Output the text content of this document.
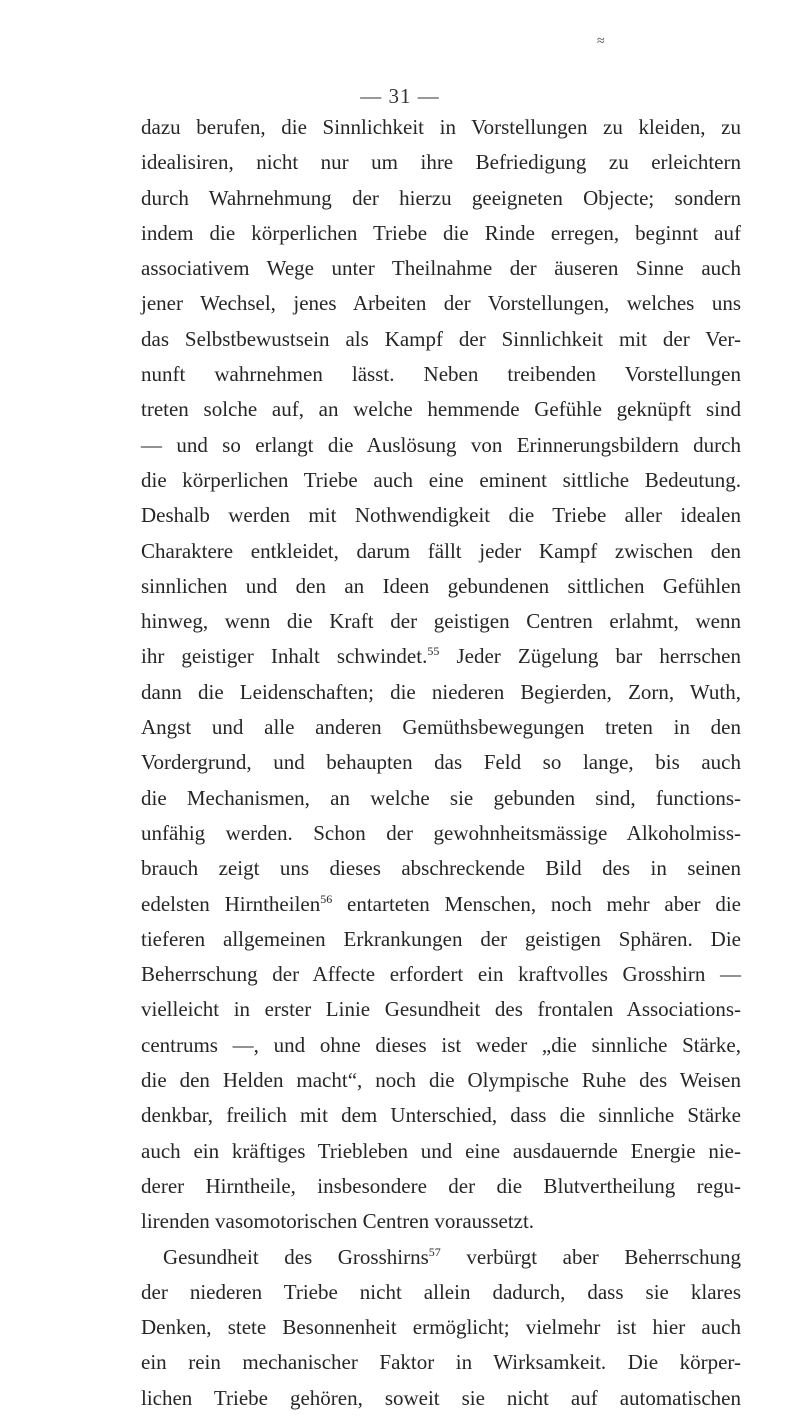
≈
— 31 —
dazu berufen, die Sinnlichkeit in Vorstellungen zu kleiden, zu
idealisiren, nicht nur um ihre Befriedigung zu erleichtern
durch Wahrnehmung der hierzu geeigneten Objecte; sondern
indem die körperlichen Triebe die Rinde erregen, beginnt auf
associativem Wege unter Theilnahme der äuseren Sinne auch
jener Wechsel, jenes Arbeiten der Vorstellungen, welches uns
das Selbstbewustsein als Kampf der Sinnlichkeit mit der Ver-
nunft wahrnehmen lässt. Neben treibenden Vorstellungen
treten solche auf, an welche hemmende Gefühle geknüpft sind
— und so erlangt die Auslösung von Erinnerungsbildern durch
die körperlichen Triebe auch eine eminent sittliche Bedeutung.
Deshalb werden mit Nothwendigkeit die Triebe aller idealen
Charaktere entkleidet, darum fällt jeder Kampf zwischen den
sinnlichen und den an Ideen gebundenen sittlichen Gefühlen
hinweg, wenn die Kraft der geistigen Centren erlahmt, wenn
ihr geistiger Inhalt schwindet.$^{55}$ Jeder Zügelung bar herrschen
dann die Leidenschaften; die niederen Begierden, Zorn, Wuth,
Angst und alle anderen Gemüthsbewegungen treten in den
Vordergrund, und behaupten das Feld so lange, bis auch
die Mechanismen, an welche sie gebunden sind, functions-
unfähig werden. Schon der gewohnheitsmässige Alkoholmiss-
brauch zeigt uns dieses abschreckende Bild des in seinen
edelsten Hirntheilen$^{56}$ entarteten Menschen, noch mehr aber die
tieferen allgemeinen Erkrankungen der geistigen Sphären. Die
Beherrschung der Affecte erfordert ein kraftvolles Grosshirn —
vielleicht in erster Linie Gesundheit des frontalen Associations-
centrums —, und ohne dieses ist weder „die sinnliche Stärke,
die den Helden macht“, noch die Olympische Ruhe des Weisen
denkbar, freilich mit dem Unterschied, dass die sinnliche Stärke
auch ein kräftiges Triebleben und eine ausdauernde Energie nie-
derer Hirntheile, insbesondere der die Blutvertheilung regu-
lirenden vasomotorischen Centren voraussetzt.
Gesundheit des Grosshirns$^{57}$ verbürgt aber Beherrschung
der niederen Triebe nicht allein dadurch, dass sie klares
Denken, stete Besonnenheit ermöglicht; vielmehr ist hier auch
ein rein mechanischer Faktor in Wirksamkeit. Die körper-
lichen Triebe gehören, soweit sie nicht auf automatischen
